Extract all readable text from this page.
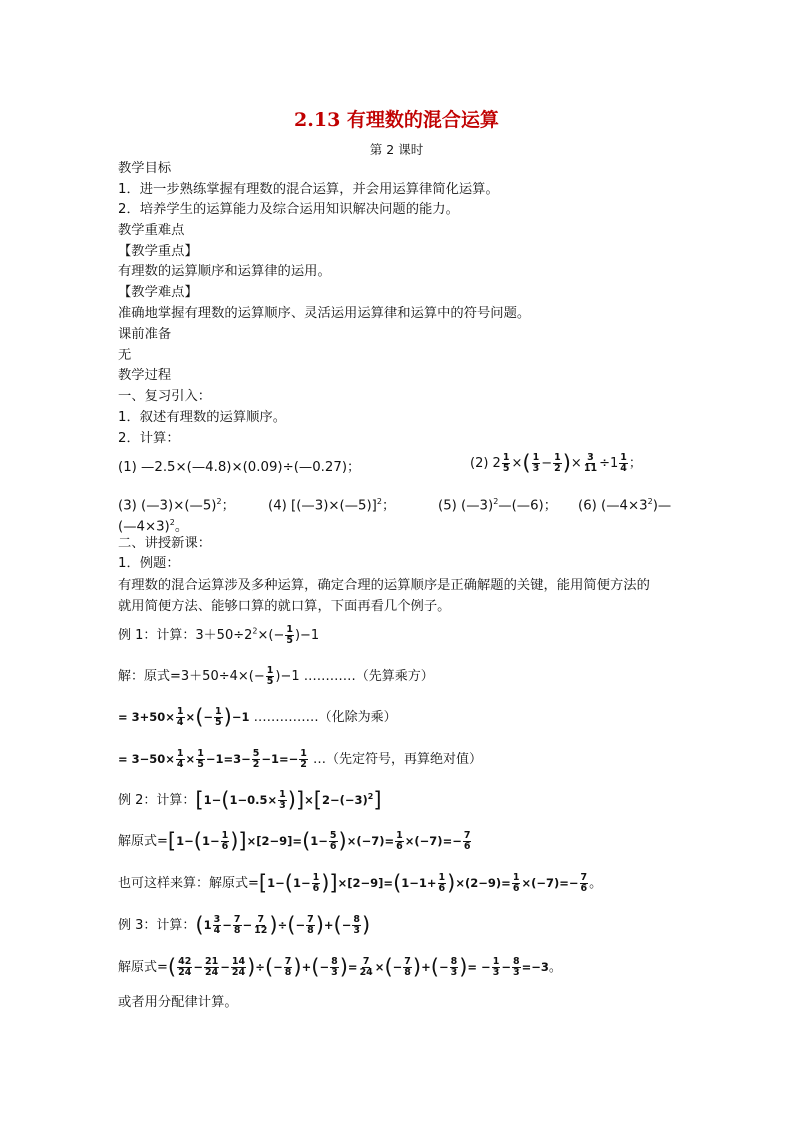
2.13 有理数的混合运算
第 2 课时
教学目标
1．进一步熟练掌握有理数的混合运算，并会用运算律简化运算。
2．培养学生的运算能力及综合运用知识解决问题的能力。
教学重难点
【教学重点】
有理数的运算顺序和运算律的运用。
【教学难点】
准确地掌握有理数的运算顺序、灵活运用运算律和运算中的符号问题。
课前准备
无
教学过程
一、复习引入：
1．叙述有理数的运算顺序。
2．计算：
(1) —2.5×(—4.8)×(0.09)÷(—0.27)；	(2) $2 \frac{1}{5}$ ×( $\frac{1}{3} - \frac{1}{2}$ )× $\frac{3}{11} \div 1 \frac{1}{4}$ ；
(3) (—3)×(—5)$^2$； (4) [(—3)×(—5)]$^2$；	(5) (—3)$^2$—(—6)； (6) $(—4\times 3^2)—$
(—4×3)$^2$。
二、讲授新课：
1．例题：
有理数的混合运算涉及多种运算，确定合理的运算顺序是正确解题的关键，能用简便方法的
就用简便方法、能够口算的就口算，下面再看几个例子。
例 1：计算：$3+50\div 2^2\times(- \frac{1}{5} )-1$
解：原式$=3+50\div 4\times(- \frac{1}{5} )-1$ …………（先算乘方）
= $3+50\times \frac{1}{4}$ ×(− $\frac{1}{5} )-1$ ……………（化除为乘）
= $3-50\times \frac{1}{4} \times \frac{1}{5} -1=3- \frac{5}{2} -1=- \frac{1}{2}$ …（先定符号，再算绝对值）
例 2：计算：$[1-(1-0.5\times \frac{1}{3} )]\times[2-(-3)^2]$
解原式$=[1-(1- \frac{1}{6} )]\times[2-9]=(1- \frac{5}{6} )\times(-7)= \frac{1}{6} \times(-7)=- \frac{7}{6}$
也可这样来算：解原式$=[1-(1- \frac{1}{6} )]\times[2-9]=(1-1+ \frac{1}{6} )\times(2-9)= \frac{1}{6} \times(-7)=- \frac{7}{6}$ 。
例 3：计算：($1 \frac{3}{4} - \frac{7}{8} - \frac{7}{12}$ )÷(− $\frac{7}{8}$ )+(− $\frac{8}{3}$ )
解原式=( $\frac{42}{24} - \frac{21}{24} - \frac{14}{24}$ )÷(− $\frac{7}{8}$ )+(− $\frac{8}{3}$ )= $\frac{7}{24}$ ×(− $\frac{7}{8}$ )+(− $\frac{8}{3}$ )= − $\frac{1}{3} - \frac{8}{3} =-3$。
或者用分配律计算。
